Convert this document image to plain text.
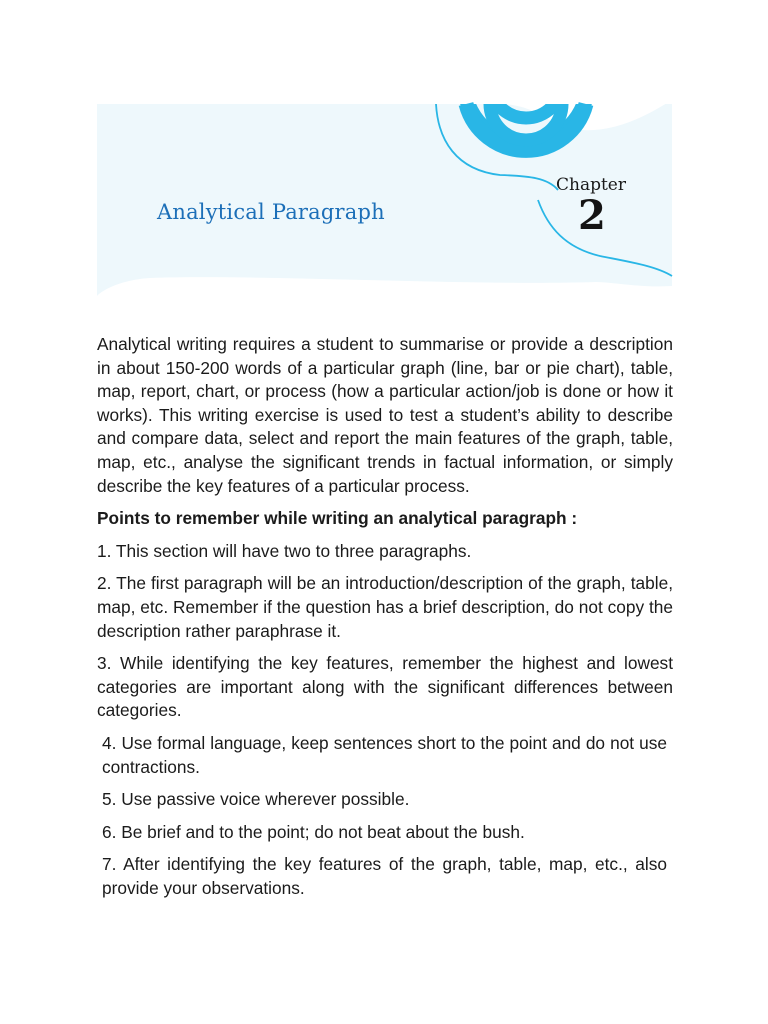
Analytical Paragraph
Chapter
2

Analytical writing requires a student to summarise or provide a description in about 150-200 words of a particular graph (line, bar or pie chart), table, map, report, chart, or process (how a particular action/job is done or how it works). This writing exercise is used to test a student’s ability to describe and compare data, select and report the main features of the graph, table, map, etc., analyse the significant trends in factual information, or simply describe the key features of a particular process.

Points to remember while writing an analytical paragraph :

1. This section will have two to three paragraphs.

2. The first paragraph will be an introduction/description of the graph, table, map, etc. Remember if the question has a brief description, do not copy the description rather paraphrase it.

3. While identifying the key features, remember the highest and lowest categories are important along with the significant differences between categories.

4. Use formal language, keep sentences short to the point and do not use contractions.

5. Use passive voice wherever possible.

6. Be brief and to the point; do not beat about the bush.

7. After identifying the key features of the graph, table, map, etc., also provide your observations.
